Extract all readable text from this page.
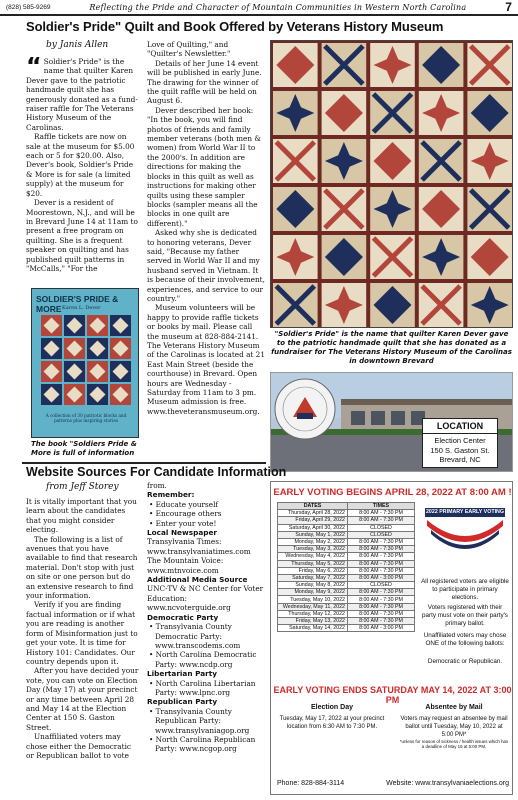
(828) 585-9269	Reflecting the Pride and Character of Mountain Communities in Western North Carolina	7
Soldier's Pride" Quilt and Book Offered by Veterans History Museum
by Janis Allen

“ Soldier's Pride" is the name that quilter Karen Dever gave to the patriotic handmade quilt she has generously donated as a fund-raiser raffle for The Veterans History Museum of the Carolinas.

Raffle tickets are now on sale at the museum for $5.00 each or 5 for $20.00. Also, Dever's book, Soldier's Pride & More is for sale (a limited supply) at the museum for $20.

Dever is a resident of Moorestown, N.J., and will be in Brevard June 14 at 11am to present a free program on quilting. She is a frequent speaker on quilting and has published quilt patterns in "McCalls," "For the

Love of Quilting," and "Quilter's Newsletter."

Details of her June 14 event will be published in early June. The drawing for the winner of the quilt raffle will be held on August 6.

Dever described her book: "In the book, you will find photos of friends and family member veterans (both men & women) from World War II to the 2000's. In addition are directions for making the blocks in this quilt as well as instructions for making other quilts using these sampler blocks (sampler means all the blocks in one quilt are different)."

Asked why she is dedicated to honoring veterans, Dever said, "Because my father served in World War II and my husband served in Vietnam. It is because of their involvement, experiences, and service to our country."

Museum volunteers will be happy to provide raffle tickets or books by mail. Please call the museum at 828-884-2141. The Veterans History Museum of the Carolinas is located at 21 East Main Street (beside the courthouse) in Brevard. Open hours are Wednesday - Saturday from 11am to 3 pm. Museum admission is free. www.theveteransmuseum.org.

"Soldier's Pride" is the name that quilter Karen Dever gave to the patriotic handmade quilt that she has donated as a fundraiser for The Veterans History Museum of the Carolinas in downtown Brevard
SOLDIER'S PRIDE & MORE Karen L. Dever
A collection of 30 patriotic blocks and patterns plus inspiring stories
The book "Soldiers Pride & More is full of information
LOCATION
Election Center
150 S. Gaston St.
Brevard, NC
Website Sources For Candidate Information
from Jeff Storey

It is vitally important that you learn about the candidates that you might consider electing.

The following is a list of avenues that you have available to find that research material. Don't stop with just on site or one person but do an extensive research to find your information.

Verify if you are finding factual information or if what you are reading is another form of Misinformation just to get your vote. It is time for History 101: Candidates. Our country depends upon it.

After you have decided your vote, you can vote on Election Day (May 17) at your precinct or any time between April 28 and May 14 at the Election Center at 150 S. Gaston Street.

Unaffiliated voters may chose either the Democratic or Republican ballot to vote

from.

Remember:

• Educate yourself

• Encourage others

• Enter your vote!

Local Newspaper

Transylvania Times: www.transylvaniatimes.com

The Mountain Voice: www.mtnvoice.com

Additional Media Source

UNC-TV & NC Center for Voter Education: www.ncvoterguide.org

Democratic Party

• Transylvania County Democratic Party: www.transcodems.com

• North Carolina Democratic Party: www.ncdp.org

Libertarian Party

• North Carolina Libertarian Party: www.lpnc.org

Republican Party

• Transylvania County Republican Party: www.transylvaniagop.org

• North Carolina Republican Party: www.ncgop.org

EARLY VOTING BEGINS APRIL 28, 2022 AT 8:00 AM !
DATES	TIMES
Thursday, April 28, 2022	8:00 AM - 7:30 PM
Friday, April 29, 2022	8:00 AM - 7:30 PM
Saturday, April 30, 2022	CLOSED
Sunday, May 1, 2022	CLOSED
Monday, May 2, 2022	8:00 AM - 7:30 PM
Tuesday, May 3, 2022	8:00 AM - 7:30 PM
Wednesday, May 4, 2022	8:00 AM - 7:30 PM
Thursday, May 5, 2022	8:00 AM - 7:30 PM
Friday, May 6, 2022	8:00 AM - 7:30 PM
Saturday, May 7, 2022	8:00 AM - 3:00 PM
Sunday, May 8, 2022	CLOSED
Monday, May 9, 2022	8:00 AM - 7:30 PM
Tuesday, May 10, 2022	8:00 AM - 7:30 PM
Wednesday, May 11, 2022	8:00 AM - 7:30 PM
Thursday, May 12, 2022	8:00 AM - 7:30 PM
Friday, May 13, 2022	8:00 AM - 7:30 PM
Saturday, May 14, 2022	8:00 AM - 3:00 PM
2022 PRIMARY EARLY VOTING
All registered voters are eligible to participate in primary elections.
Voters registered with their party must vote on their party's primary ballot.
Unaffiliated voters may chose ONE of the following ballots:
Democratic or Republican.
EARLY VOTING ENDS SATURDAY MAY 14, 2022 AT 3:00 PM
Election Day
Tuesday, May 17, 2022 at your precinct location from 6:30 AM to 7:30 PM.
Absentee by Mail
Voters may request an absentee by mail ballot until Tuesday, May 10, 2022 at 5:00 PM*
*unless for reason of sickness / health issues which has a deadline of May 16 at 5:00 PM.
Phone: 828-884-3114	Website: www.transylvaniaelections.org
